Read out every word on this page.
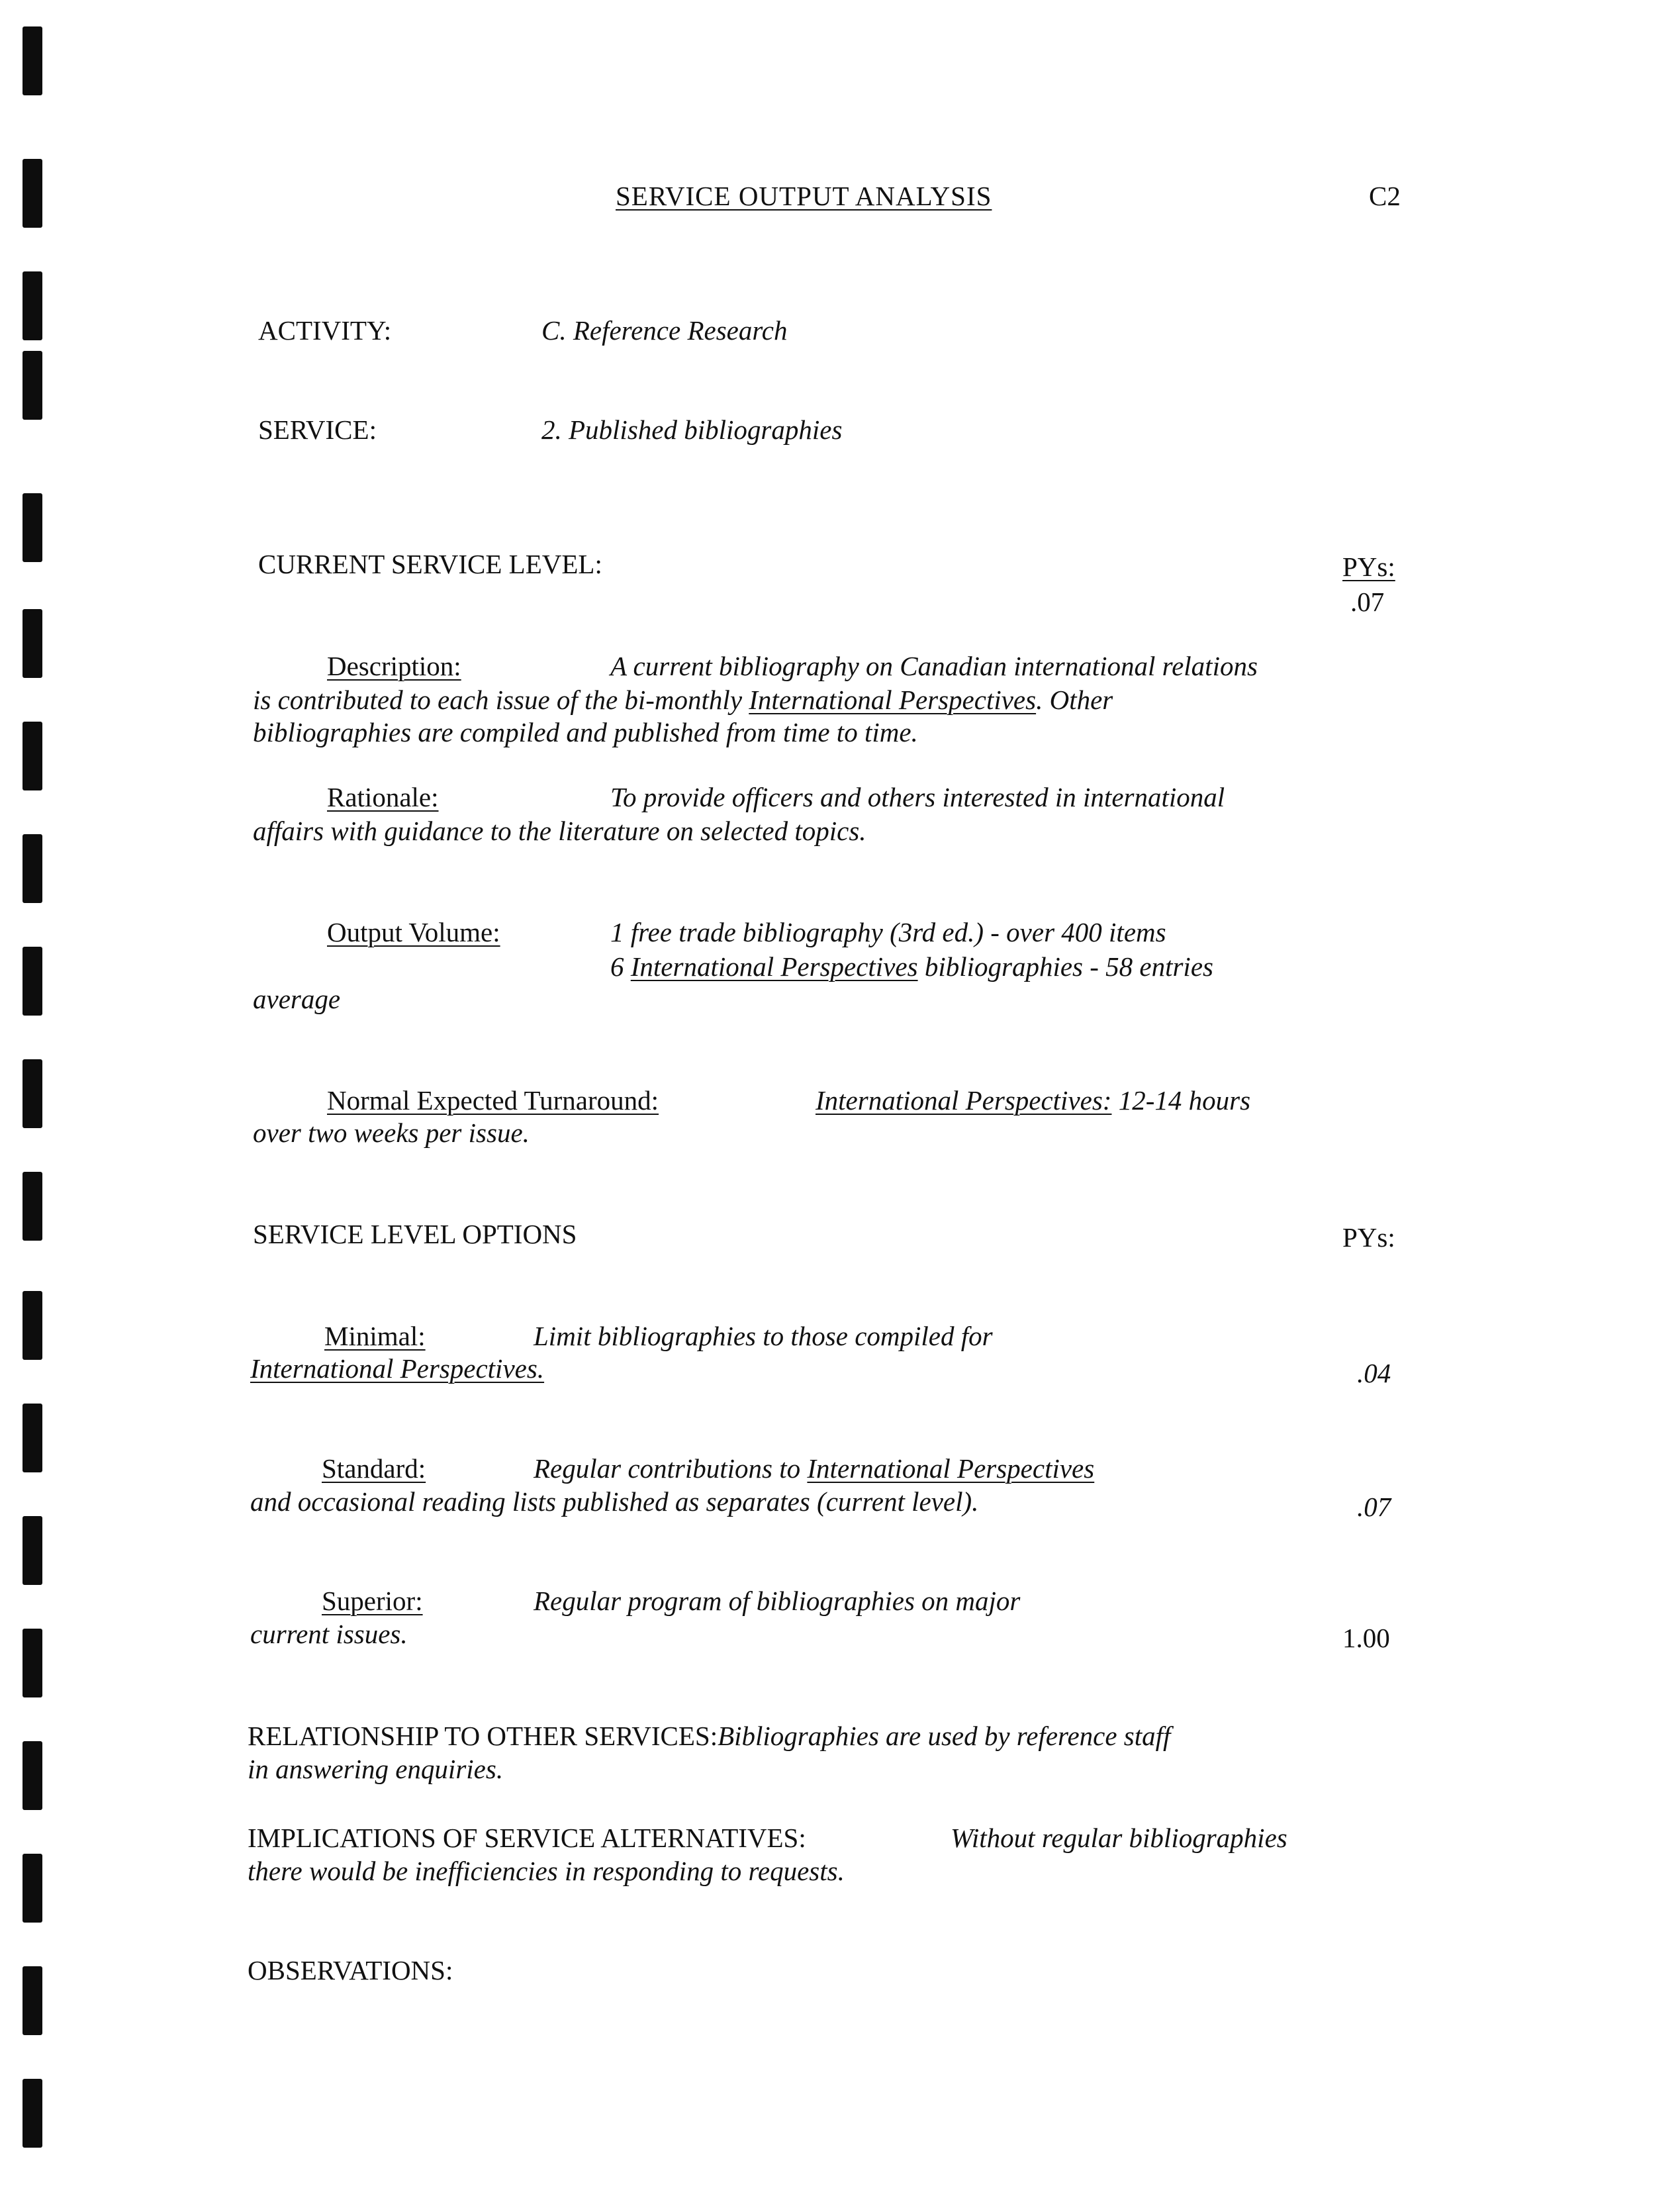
SERVICE OUTPUT ANALYSIS	C2
ACTIVITY:	C. Reference Research
SERVICE:	2. Published bibliographies
CURRENT SERVICE LEVEL:	PYs:
.07
Description:	A current bibliography on Canadian international relations
is contributed to each issue of the bi-monthly International Perspectives. Other
bibliographies are compiled and published from time to time.
Rationale:	To provide officers and others interested in international
affairs with guidance to the literature on selected topics.
Output Volume:	1 free trade bibliography (3rd ed.) - over 400 items
6 International Perspectives bibliographies - 58 entries
average
Normal Expected Turnaround:	International Perspectives: 12-14 hours
over two weeks per issue.
SERVICE LEVEL OPTIONS	PYs:
Minimal:	Limit bibliographies to those compiled for
International Perspectives.	.04
Standard:	Regular contributions to International Perspectives
and occasional reading lists published as separates (current level).	.07
Superior:	Regular program of bibliographies on major
current issues.	1.00
RELATIONSHIP TO OTHER SERVICES:Bibliographies are used by reference staff
in answering enquiries.
IMPLICATIONS OF SERVICE ALTERNATIVES:	Without regular bibliographies
there would be inefficiencies in responding to requests.
OBSERVATIONS:
